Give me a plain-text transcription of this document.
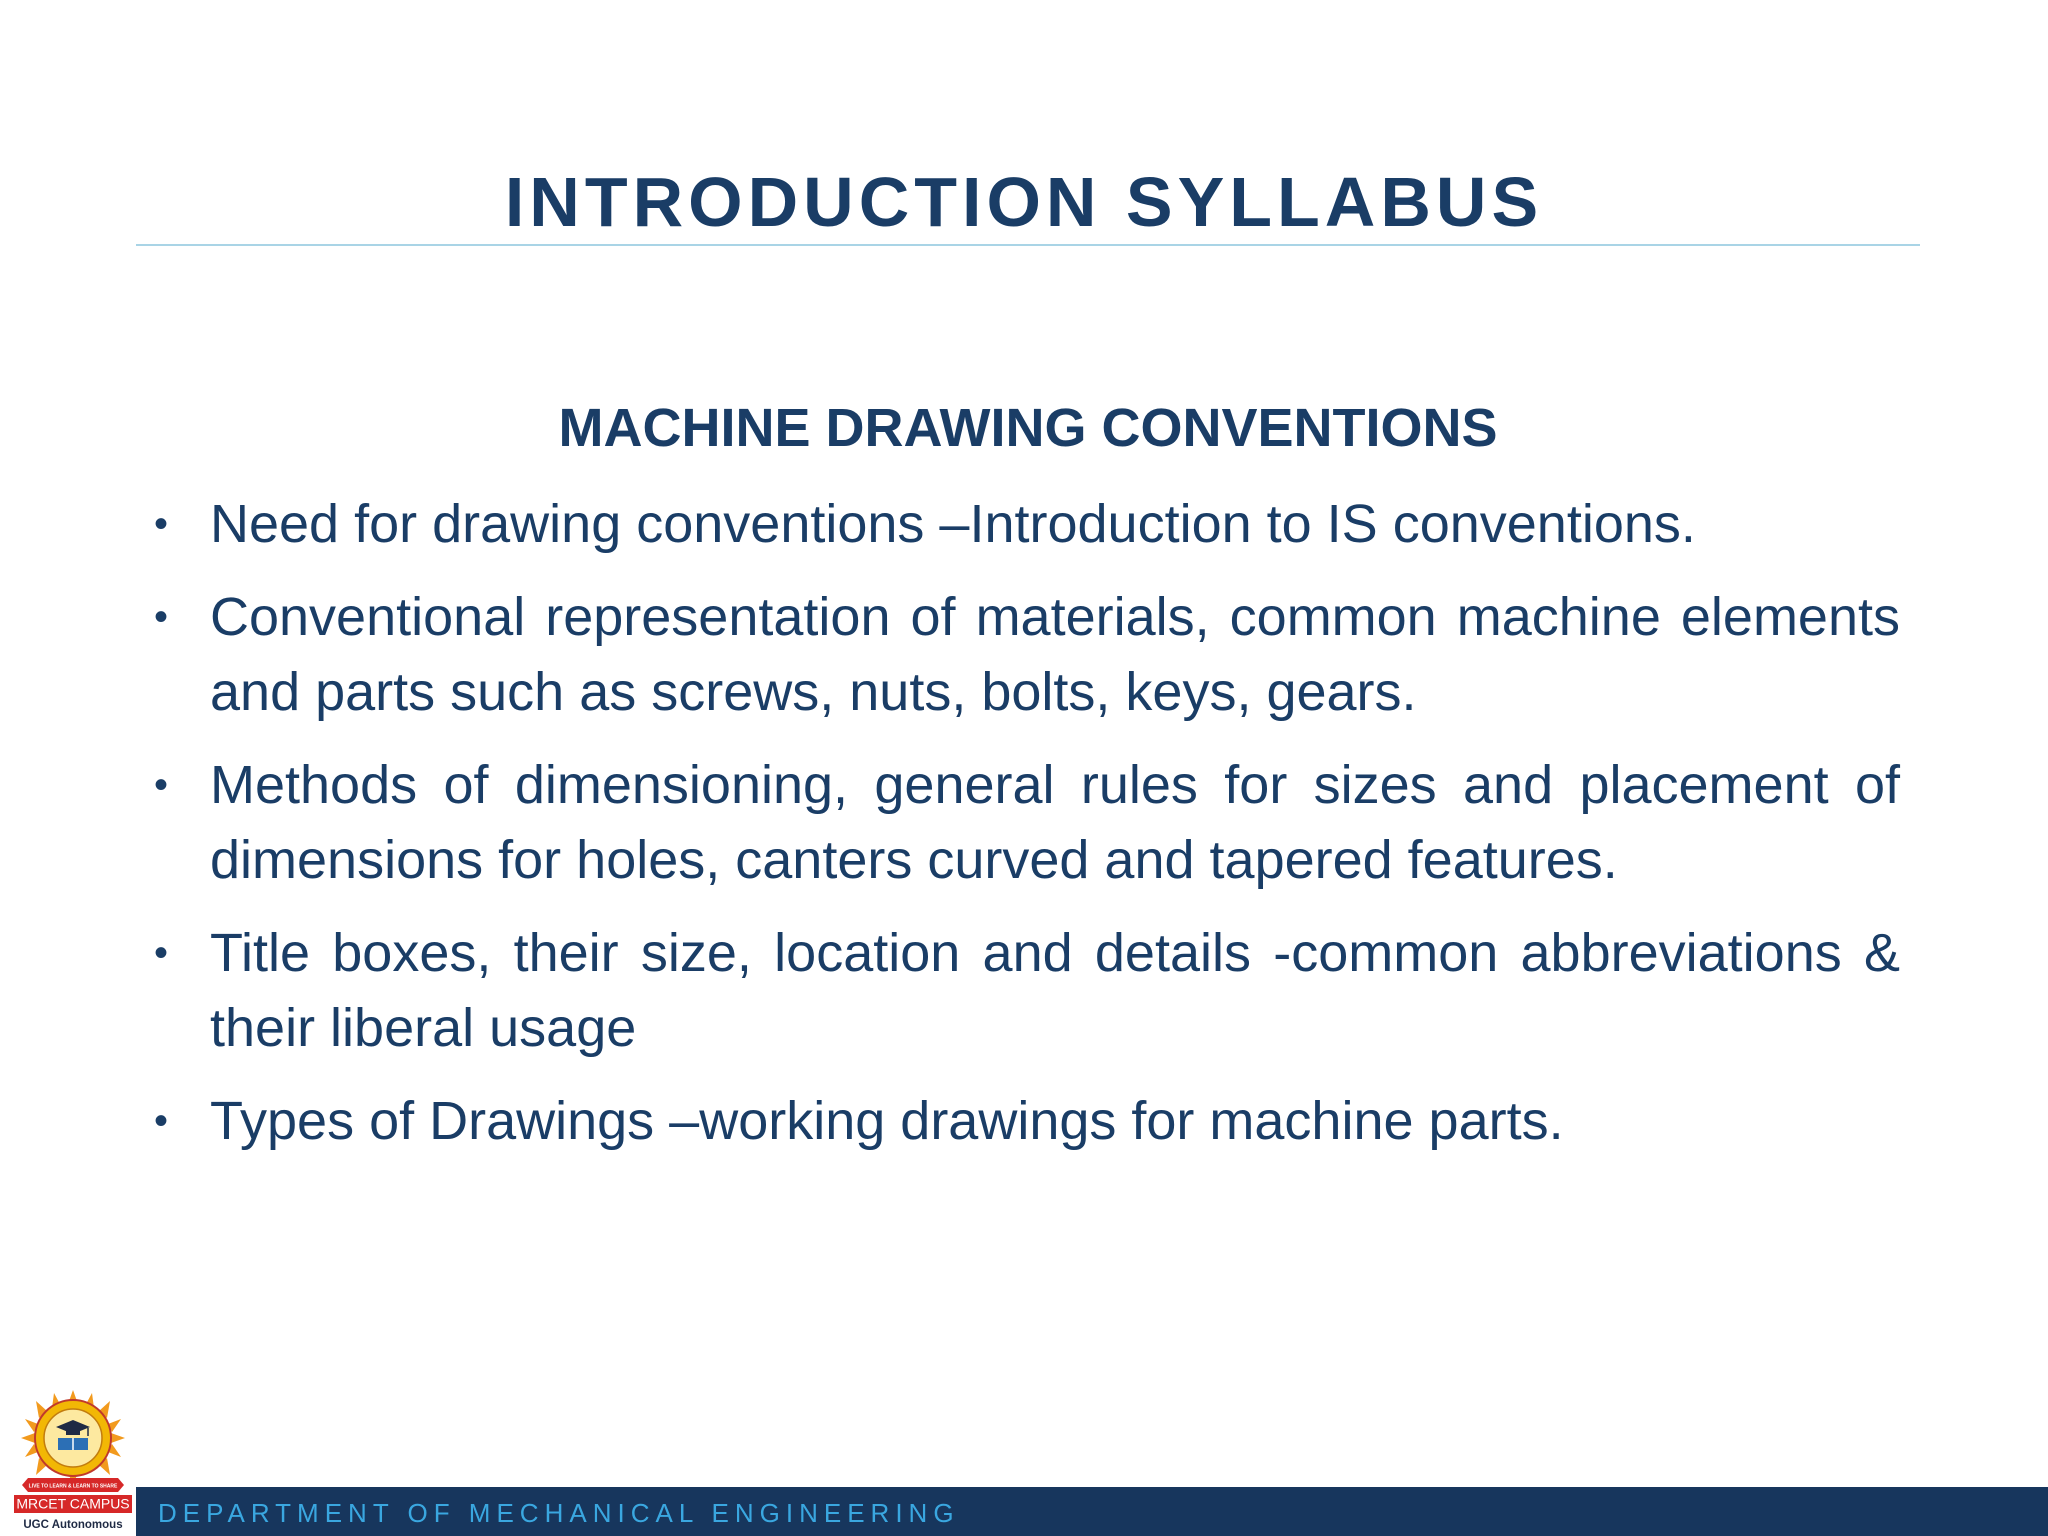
INTRODUCTION SYLLABUS
MACHINE DRAWING CONVENTIONS
• Need for drawing conventions –Introduction to IS conventions.
• Conventional representation of materials, common machine elements and parts such as screws, nuts, bolts, keys, gears.
• Methods of dimensioning, general rules for sizes and placement of dimensions for holes, canters curved and tapered features.
• Title boxes, their size, location and details -common abbreviations & their liberal usage
• Types of Drawings –working drawings for machine parts.
LIVE TO LEARN & LEARN TO SHARE
MRCET CAMPUS
UGC Autonomous DEPARTMENT OF MECHANICAL ENGINEERING
